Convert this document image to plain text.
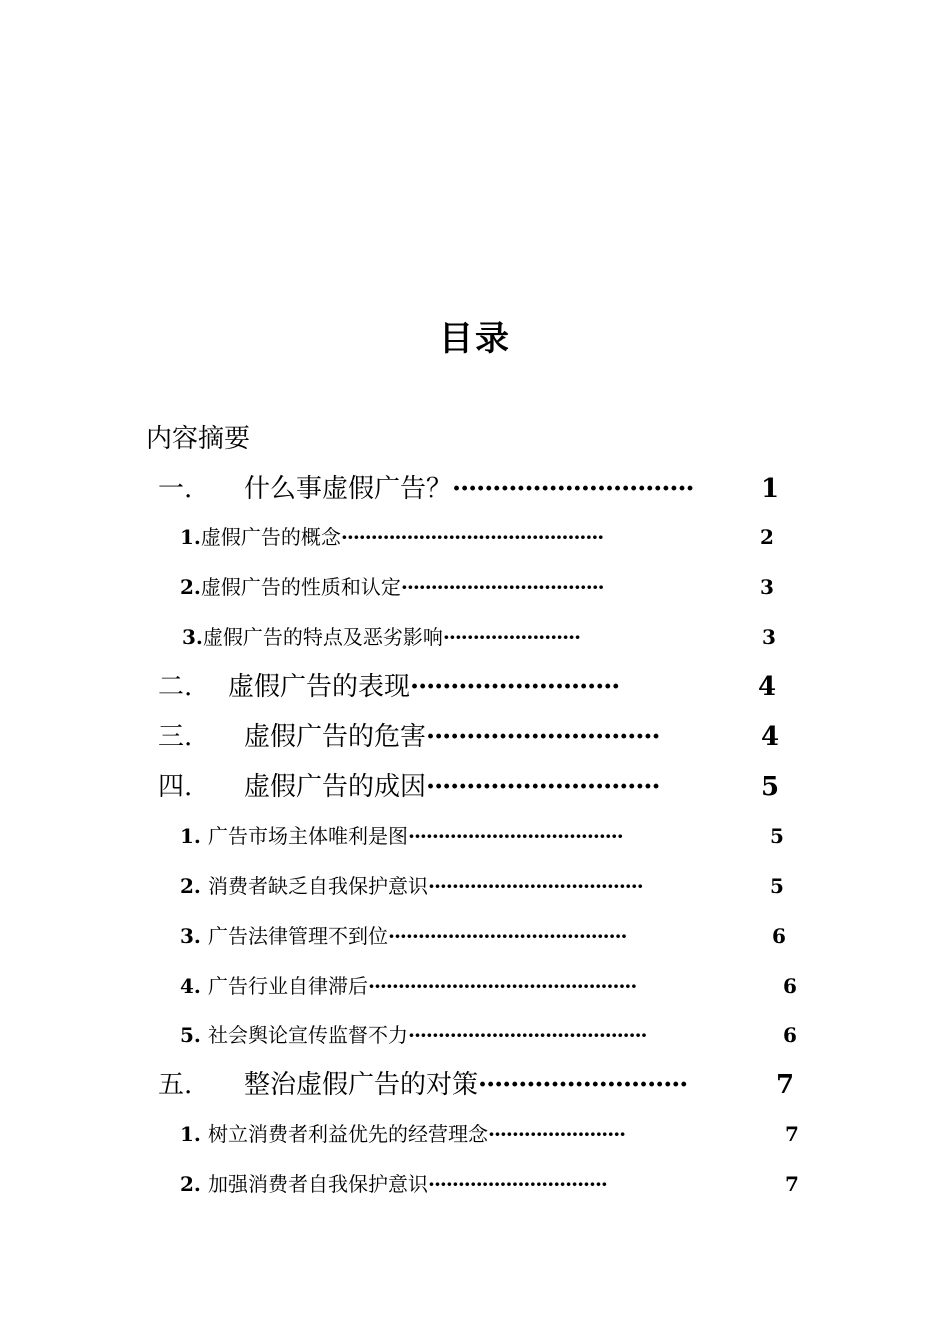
目录
内容摘要
一. 什么事虚假广告？······························	1
1.虚假广告的概念············································	2
2.虚假广告的性质和认定··································	3
3.虚假广告的特点及恶劣影响·······················	3
二. 虚假广告的表现··························	4
三. 虚假广告的危害·····························	4
四. 虚假广告的成因·····························	5
1. 广告市场主体唯利是图····································	5
2. 消费者缺乏自我保护意识····································	5
3. 广告法律管理不到位········································	6
4. 广告行业自律滞后·············································	6
5. 社会舆论宣传监督不力········································	6
五. 整治虚假广告的对策··························	7
1. 树立消费者利益优先的经营理念·······················	7
2. 加强消费者自我保护意识······························	7
